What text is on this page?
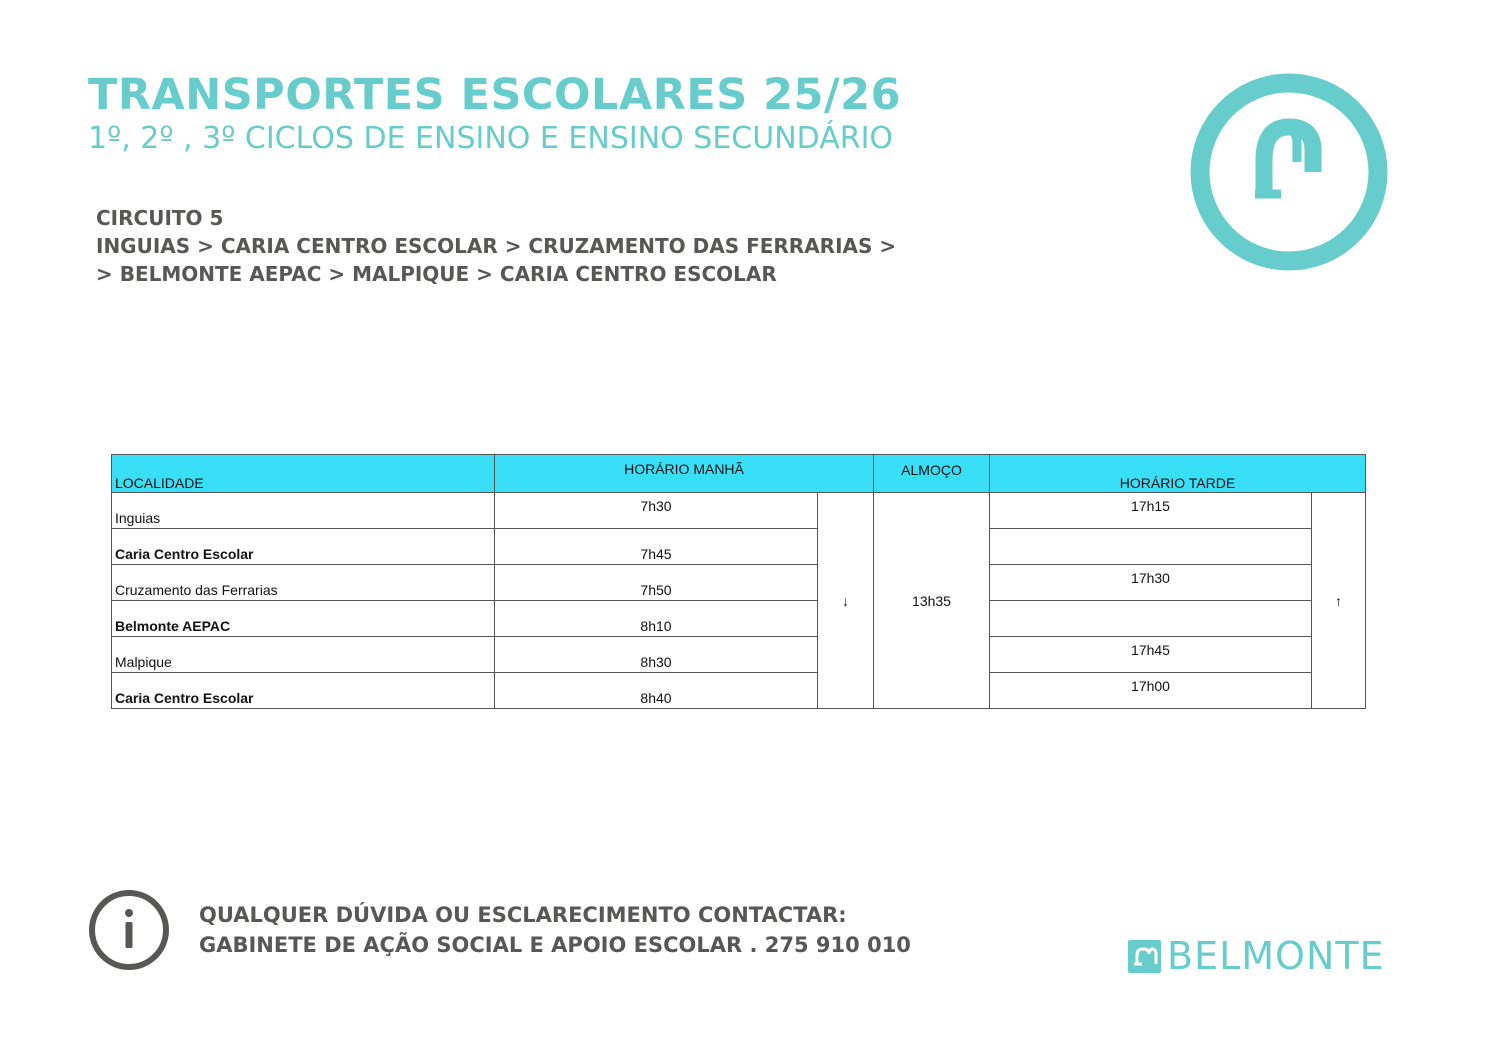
TRANSPORTES ESCOLARES 25/26
1º, 2º , 3º CICLOS DE ENSINO E ENSINO SECUNDÁRIO
CIRCUITO 5
INGUIAS > CARIA CENTRO ESCOLAR > CRUZAMENTO DAS FERRARIAS >
> BELMONTE AEPAC > MALPIQUE > CARIA CENTRO ESCOLAR
LOCALIDADE	HORÁRIO MANHÃ		ALMOÇO	HORÁRIO TARDE	
Inguias	7h30	↓	13h35	17h15	↑
Caria Centro Escolar	7h45				
Cruzamento das Ferrarias	7h50			17h30	
Belmonte AEPAC	8h10				
Malpique	8h30			17h45	
Caria Centro Escolar	8h40			17h00	
QUALQUER DÚVIDA OU ESCLARECIMENTO CONTACTAR:
GABINETE DE AÇÃO SOCIAL E APOIO ESCOLAR . 275 910 010	BELMONTE
